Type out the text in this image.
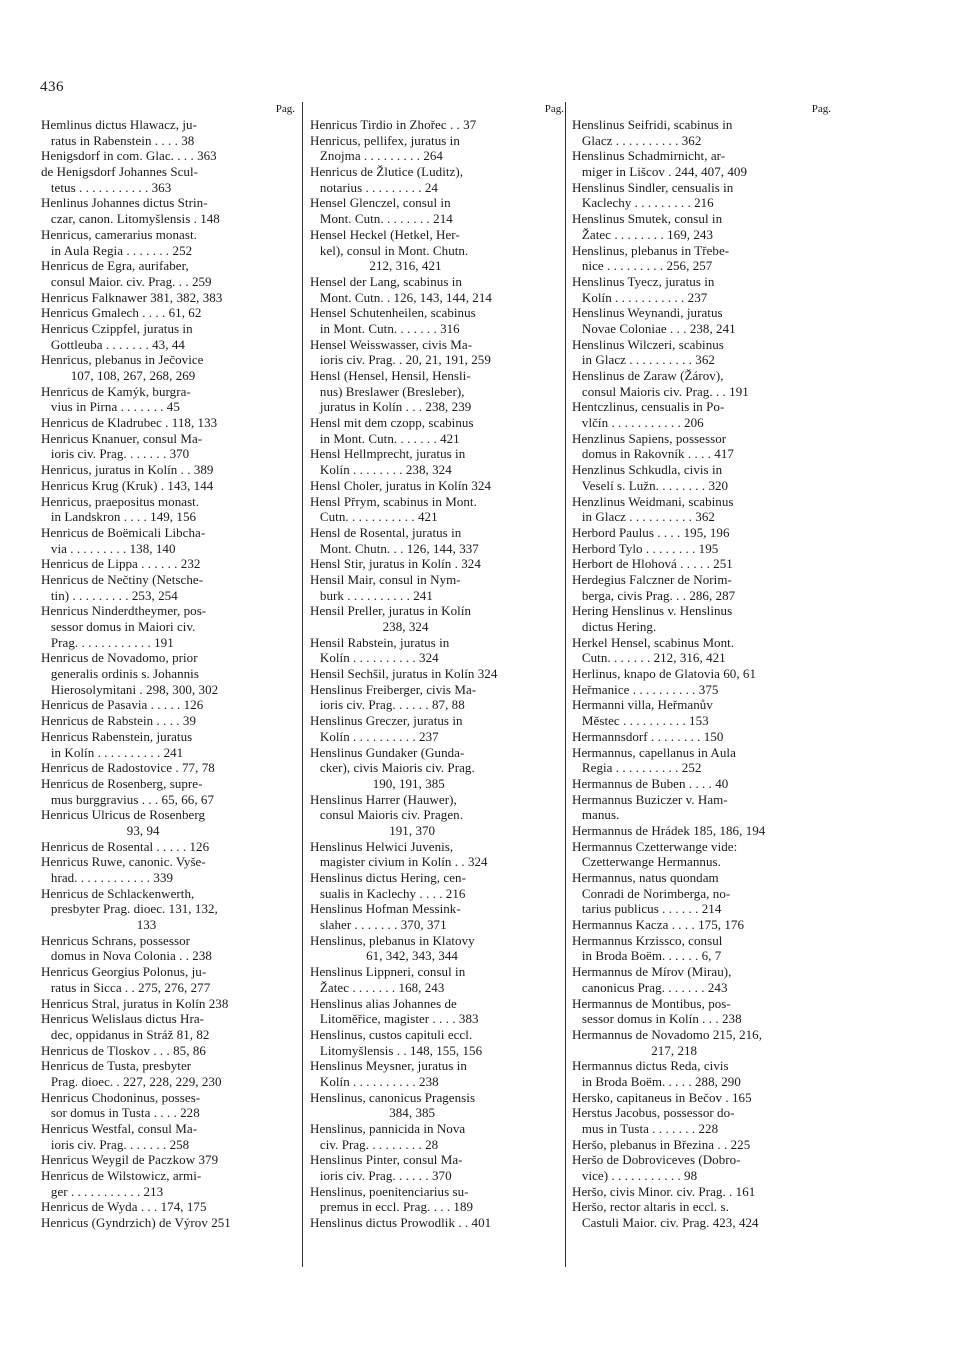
436
Pag.
Hemlinus dictus Hlawacz, ju-
ratus in Rabenstein . . . . 38
Henigsdorf in com. Glac. . . . 363
de Henigsdorf Johannes Scul-
tetus . . . . . . . . . . . 363
Henlinus Johannes dictus Strin-
czar, canon. Litomyšlensis . 148
Henricus, camerarius monast.
in Aula Regia . . . . . . . 252
Henricus de Egra, aurifaber,
consul Maior. civ. Prag. . . 259
Henricus Falknawer 381, 382, 383
Henricus Gmalech . . . . 61, 62
Henricus Czippfel, juratus in
Gottleuba . . . . . . . 43, 44
Henricus, plebanus in Ječovice
107, 108, 267, 268, 269
Henricus de Kamýk, burgra-
vius in Pirna . . . . . . . 45
Henricus de Kladrubec . 118, 133
Henricus Knanuer, consul Ma-
ioris civ. Prag. . . . . . . 370
Henricus, juratus in Kolín . . 389
Henricus Krug (Kruk) . 143, 144
Henricus, praepositus monast.
in Landskron . . . . 149, 156
Henricus de Boëmicali Libcha-
via . . . . . . . . . 138, 140
Henricus de Lippa . . . . . . 232
Henricus de Nečtiny (Netsche-
tin) . . . . . . . . . 253, 254
Henricus Ninderdtheymer, pos-
sessor domus in Maiori civ.
Prag. . . . . . . . . . . . 191
Henricus de Novadomo, prior
generalis ordinis s. Johannis
Hierosolymitani . 298, 300, 302
Henricus de Pasavia . . . . . 126
Henricus de Rabstein . . . . 39
Henricus Rabenstein, juratus
in Kolín . . . . . . . . . . 241
Henricus de Radostovice . 77, 78
Henricus de Rosenberg, supre-
mus burggravius . . . 65, 66, 67
Henricus Ulricus de Rosenberg
93, 94
Henricus de Rosental . . . . . 126
Henricus Ruwe, canonic. Vyše-
hrad. . . . . . . . . . . . 339
Henricus de Schlackenwerth,
presbyter Prag. dioec. 131, 132,
133
Henricus Schrans, possessor
domus in Nova Colonia . . 238
Henricus Georgius Polonus, ju-
ratus in Sicca . . 275, 276, 277
Henricus Stral, juratus in Kolín 238
Henricus Welislaus dictus Hra-
dec, oppidanus in Stráž 81, 82
Henricus de Tloskov . . . 85, 86
Henricus de Tusta, presbyter
Prag. dioec. . 227, 228, 229, 230
Henricus Chodoninus, posses-
sor domus in Tusta . . . . 228
Henricus Westfal, consul Ma-
ioris civ. Prag. . . . . . . 258
Henricus Weygil de Paczkow 379
Henricus de Wilstowicz, armi-
ger . . . . . . . . . . . 213
Henricus de Wyda . . . 174, 175
Henricus (Gyndrzich) de Výrov 251
Pag.
Henricus Tirdio in Zhořec . . 37
Henricus, pellifex, juratus in
Znojma . . . . . . . . . 264
Henricus de Žlutice (Luditz),
notarius . . . . . . . . . 24
Hensel Glenczel, consul in
Mont. Cutn. . . . . . . . 214
Hensel Heckel (Hetkel, Her-
kel), consul in Mont. Chutn.
212, 316, 421
Hensel der Lang, scabinus in
Mont. Cutn. . 126, 143, 144, 214
Hensel Schutenheilen, scabinus
in Mont. Cutn. . . . . . . 316
Hensel Weisswasser, civis Ma-
ioris civ. Prag. . 20, 21, 191, 259
Hensl (Hensel, Hensil, Hensli-
nus) Breslawer (Bresleber),
juratus in Kolín . . . 238, 239
Hensl mit dem czopp, scabinus
in Mont. Cutn. . . . . . . 421
Hensl Hellmprecht, juratus in
Kolín . . . . . . . . 238, 324
Hensl Choler, juratus in Kolín 324
Hensl Přrym, scabinus in Mont.
Cutn. . . . . . . . . . . 421
Hensl de Rosental, juratus in
Mont. Chutn. . . 126, 144, 337
Hensl Stir, juratus in Kolín . 324
Hensil Mair, consul in Nym-
burk . . . . . . . . . . 241
Hensil Preller, juratus in Kolín
238, 324
Hensil Rabstein, juratus in
Kolín . . . . . . . . . . 324
Hensil Sechšil, juratus in Kolín 324
Henslinus Freiberger, civis Ma-
ioris civ. Prag. . . . . . 87, 88
Henslinus Greczer, juratus in
Kolín . . . . . . . . . . 237
Henslinus Gundaker (Gunda-
cker), civis Maioris civ. Prag.
190, 191, 385
Henslinus Harrer (Hauwer),
consul Maioris civ. Pragen.
191, 370
Henslinus Helwici Juvenis,
magister civium in Kolín . . 324
Henslinus dictus Hering, cen-
sualis in Kaclechy . . . . 216
Henslinus Hofman Messink-
slaher . . . . . . . 370, 371
Henslinus, plebanus in Klatovy
61, 342, 343, 344
Henslinus Lippneri, consul in
Žatec . . . . . . . 168, 243
Henslinus alias Johannes de
Litoměřice, magister . . . . 383
Henslinus, custos capituli eccl.
Litomyšlensis . . 148, 155, 156
Henslinus Meysner, juratus in
Kolín . . . . . . . . . . 238
Henslinus, canonicus Pragensis
384, 385
Henslinus, pannicida in Nova
civ. Prag. . . . . . . . . 28
Henslinus Pinter, consul Ma-
ioris civ. Prag. . . . . . 370
Henslinus, poenitenciarius su-
premus in eccl. Prag. . . . 189
Henslinus dictus Prowodlik . . 401
Pag.
Henslinus Seifridi, scabinus in
Glacz . . . . . . . . . . 362
Henslinus Schadmirnicht, ar-
miger in Lišcov . 244, 407, 409
Henslinus Sindler, censualis in
Kaclechy . . . . . . . . . 216
Henslinus Smutek, consul in
Žatec . . . . . . . . 169, 243
Henslinus, plebanus in Třebe-
nice . . . . . . . . . 256, 257
Henslinus Tyecz, juratus in
Kolín . . . . . . . . . . . 237
Henslinus Weynandi, juratus
Novae Coloniae . . . 238, 241
Henslinus Wilczeri, scabinus
in Glacz . . . . . . . . . . 362
Henslinus de Zaraw (Žárov),
consul Maioris civ. Prag. . . 191
Hentczlinus, censualis in Po-
vlčín . . . . . . . . . . . 206
Henzlinus Sapiens, possessor
domus in Rakovník . . . . 417
Henzlinus Schkudla, civis in
Veselí s. Lužn. . . . . . . . 320
Henzlinus Weidmani, scabinus
in Glacz . . . . . . . . . . 362
Herbord Paulus . . . . 195, 196
Herbord Tylo . . . . . . . . 195
Herbort de Hlohová . . . . . 251
Herdegius Falczner de Norim-
berga, civis Prag. . . 286, 287
Hering Henslinus v. Henslinus
dictus Hering.
Herkel Hensel, scabinus Mont.
Cutn. . . . . . . 212, 316, 421
Herlinus, knapo de Glatovia 60, 61
Heřmanice . . . . . . . . . . 375
Hermanni villa, Heřmanův
Městec . . . . . . . . . . 153
Hermannsdorf . . . . . . . . 150
Hermannus, capellanus in Aula
Regia . . . . . . . . . . 252
Hermannus de Buben . . . . 40
Hermannus Buziczer v. Ham-
manus.
Hermannus de Hrádek 185, 186, 194
Hermannus Czetterwange vide:
Czetterwange Hermannus.
Hermannus, natus quondam
Conradi de Norimberga, no-
tarius publicus . . . . . . 214
Hermannus Kacza . . . . 175, 176
Hermannus Krzissco, consul
in Broda Boëm. . . . . . 6, 7
Hermannus de Mírov (Mirau),
canonicus Prag. . . . . . . 243
Hermannus de Montibus, pos-
sessor domus in Kolín . . . 238
Hermannus de Novadomo 215, 216,
217, 218
Hermannus dictus Reda, civis
in Broda Boëm. . . . . 288, 290
Hersko, capitaneus in Bečov . 165
Herstus Jacobus, possessor do-
mus in Tusta . . . . . . . 228
Heršo, plebanus in Březina . . 225
Heršo de Dobroviceves (Dobro-
vice) . . . . . . . . . . . 98
Heršo, civis Minor. civ. Prag. . 161
Heršo, rector altaris in eccl. s.
Castuli Maior. civ. Prag. 423, 424
